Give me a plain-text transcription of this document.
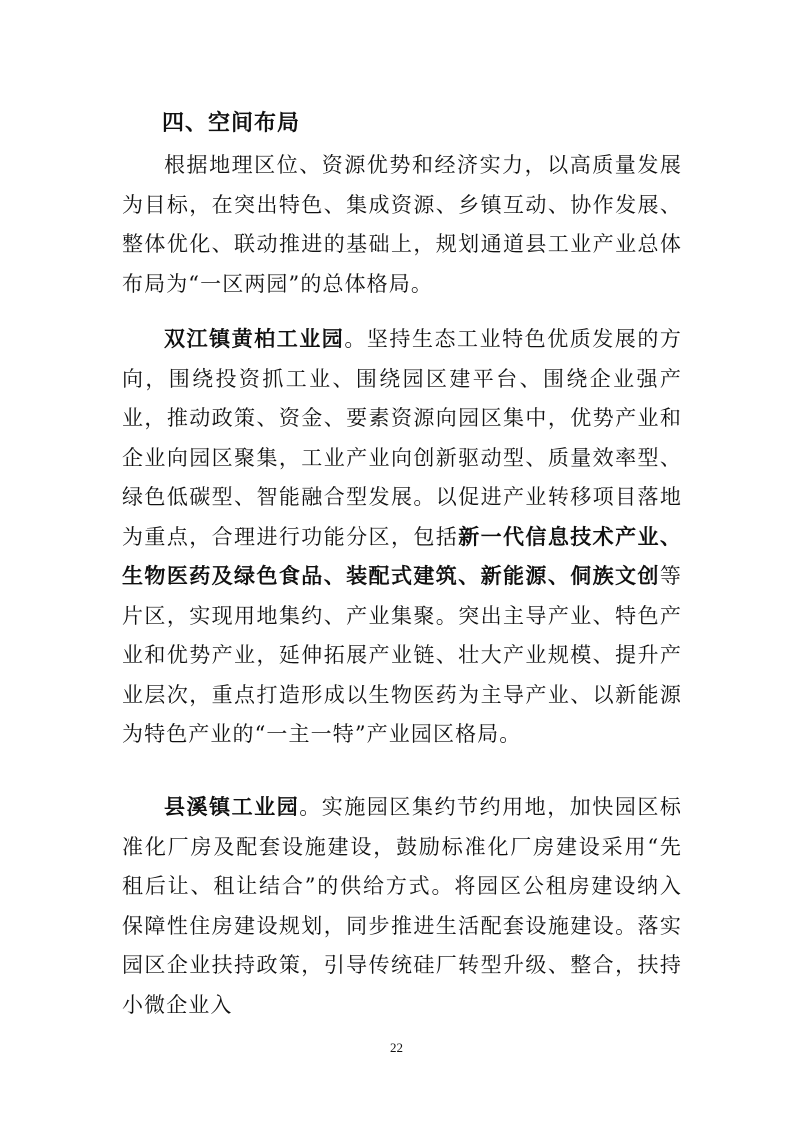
四、空间布局

根据地理区位、资源优势和经济实力，以高质量发展为目标，在突出特色、集成资源、乡镇互动、协作发展、整体优化、联动推进的基础上，规划通道县工业产业总体布局为“一区两园”的总体格局。

双江镇黄柏工业园。坚持生态工业特色优质发展的方向，围绕投资抓工业、围绕园区建平台、围绕企业强产业，推动政策、资金、要素资源向园区集中，优势产业和企业向园区聚集，工业产业向创新驱动型、质量效率型、绿色低碳型、智能融合型发展。以促进产业转移项目落地为重点，合理进行功能分区，包括新一代信息技术产业、生物医药及绿色食品、装配式建筑、新能源、侗族文创等片区，实现用地集约、产业集聚。突出主导产业、特色产业和优势产业，延伸拓展产业链、壮大产业规模、提升产业层次，重点打造形成以生物医药为主导产业、以新能源为特色产业的“一主一特”产业园区格局。

县溪镇工业园。实施园区集约节约用地，加快园区标准化厂房及配套设施建设，鼓励标准化厂房建设采用“先租后让、租让结合”的供给方式。将园区公租房建设纳入保障性住房建设规划，同步推进生活配套设施建设。落实园区企业扶持政策，引导传统硅厂转型升级、整合，扶持小微企业入

22
